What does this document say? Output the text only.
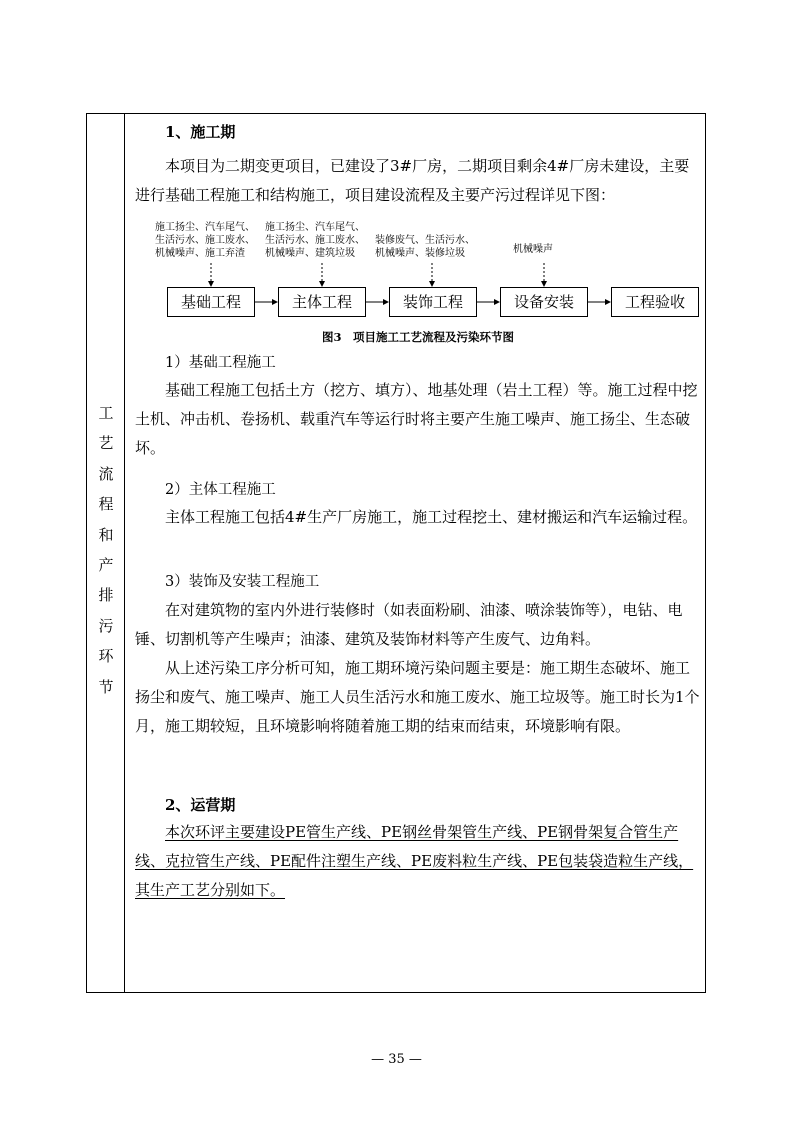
工
艺
流
程
和
产
排
污
环
节
1、施工期

本项目为二期变更项目，已建设了3#厂房，二期项目剩余4#厂房未建设，主要进行基础工程施工和结构施工，项目建设流程及主要产污过程详见下图：

施工扬尘、汽车尾气、
生活污水、施工废水、
机械噪声、施工弃渣
施工扬尘、汽车尾气、
生活污水、施工废水、
机械噪声、建筑垃圾
装修废气、生活污水、
机械噪声、装修垃圾	机械噪声
基础工程	主体工程	装饰工程	设备安装	工程验收
图3　项目施工工艺流程及污染环节图
1）基础工程施工

基础工程施工包括土方（挖方、填方）、地基处理（岩土工程）等。施工过程中挖土机、冲击机、卷扬机、载重汽车等运行时将主要产生施工噪声、施工扬尘、生态破坏。

2）主体工程施工

主体工程施工包括4#生产厂房施工，施工过程挖土、建材搬运和汽车运输过程。

3）装饰及安装工程施工

在对建筑物的室内外进行装修时（如表面粉刷、油漆、喷涂装饰等），电钻、电锤、切割机等产生噪声；油漆、建筑及装饰材料等产生废气、边角料。

从上述污染工序分析可知，施工期环境污染问题主要是：施工期生态破坏、施工扬尘和废气、施工噪声、施工人员生活污水和施工废水、施工垃圾等。施工时长为1个月，施工期较短，且环境影响将随着施工期的结束而结束，环境影响有限。

2、运营期

本次环评主要建设PE管生产线、PE钢丝骨架管生产线、PE钢骨架复合管生产线、克拉管生产线、PE配件注塑生产线、PE废料粒生产线、PE包装袋造粒生产线，其生产工艺分别如下。

— 35 —
